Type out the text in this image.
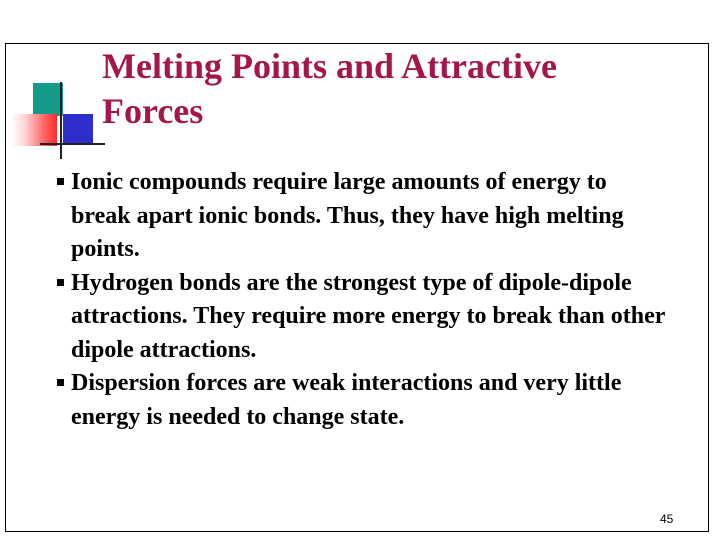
Melting Points and Attractive Forces
Ionic compounds require large amounts of energy to break apart ionic bonds. Thus, they have high melting points.
Hydrogen bonds are the strongest type of dipole-dipole attractions. They require more energy to break than other dipole attractions.
Dispersion forces are weak interactions and very little energy is needed to change state.
45
